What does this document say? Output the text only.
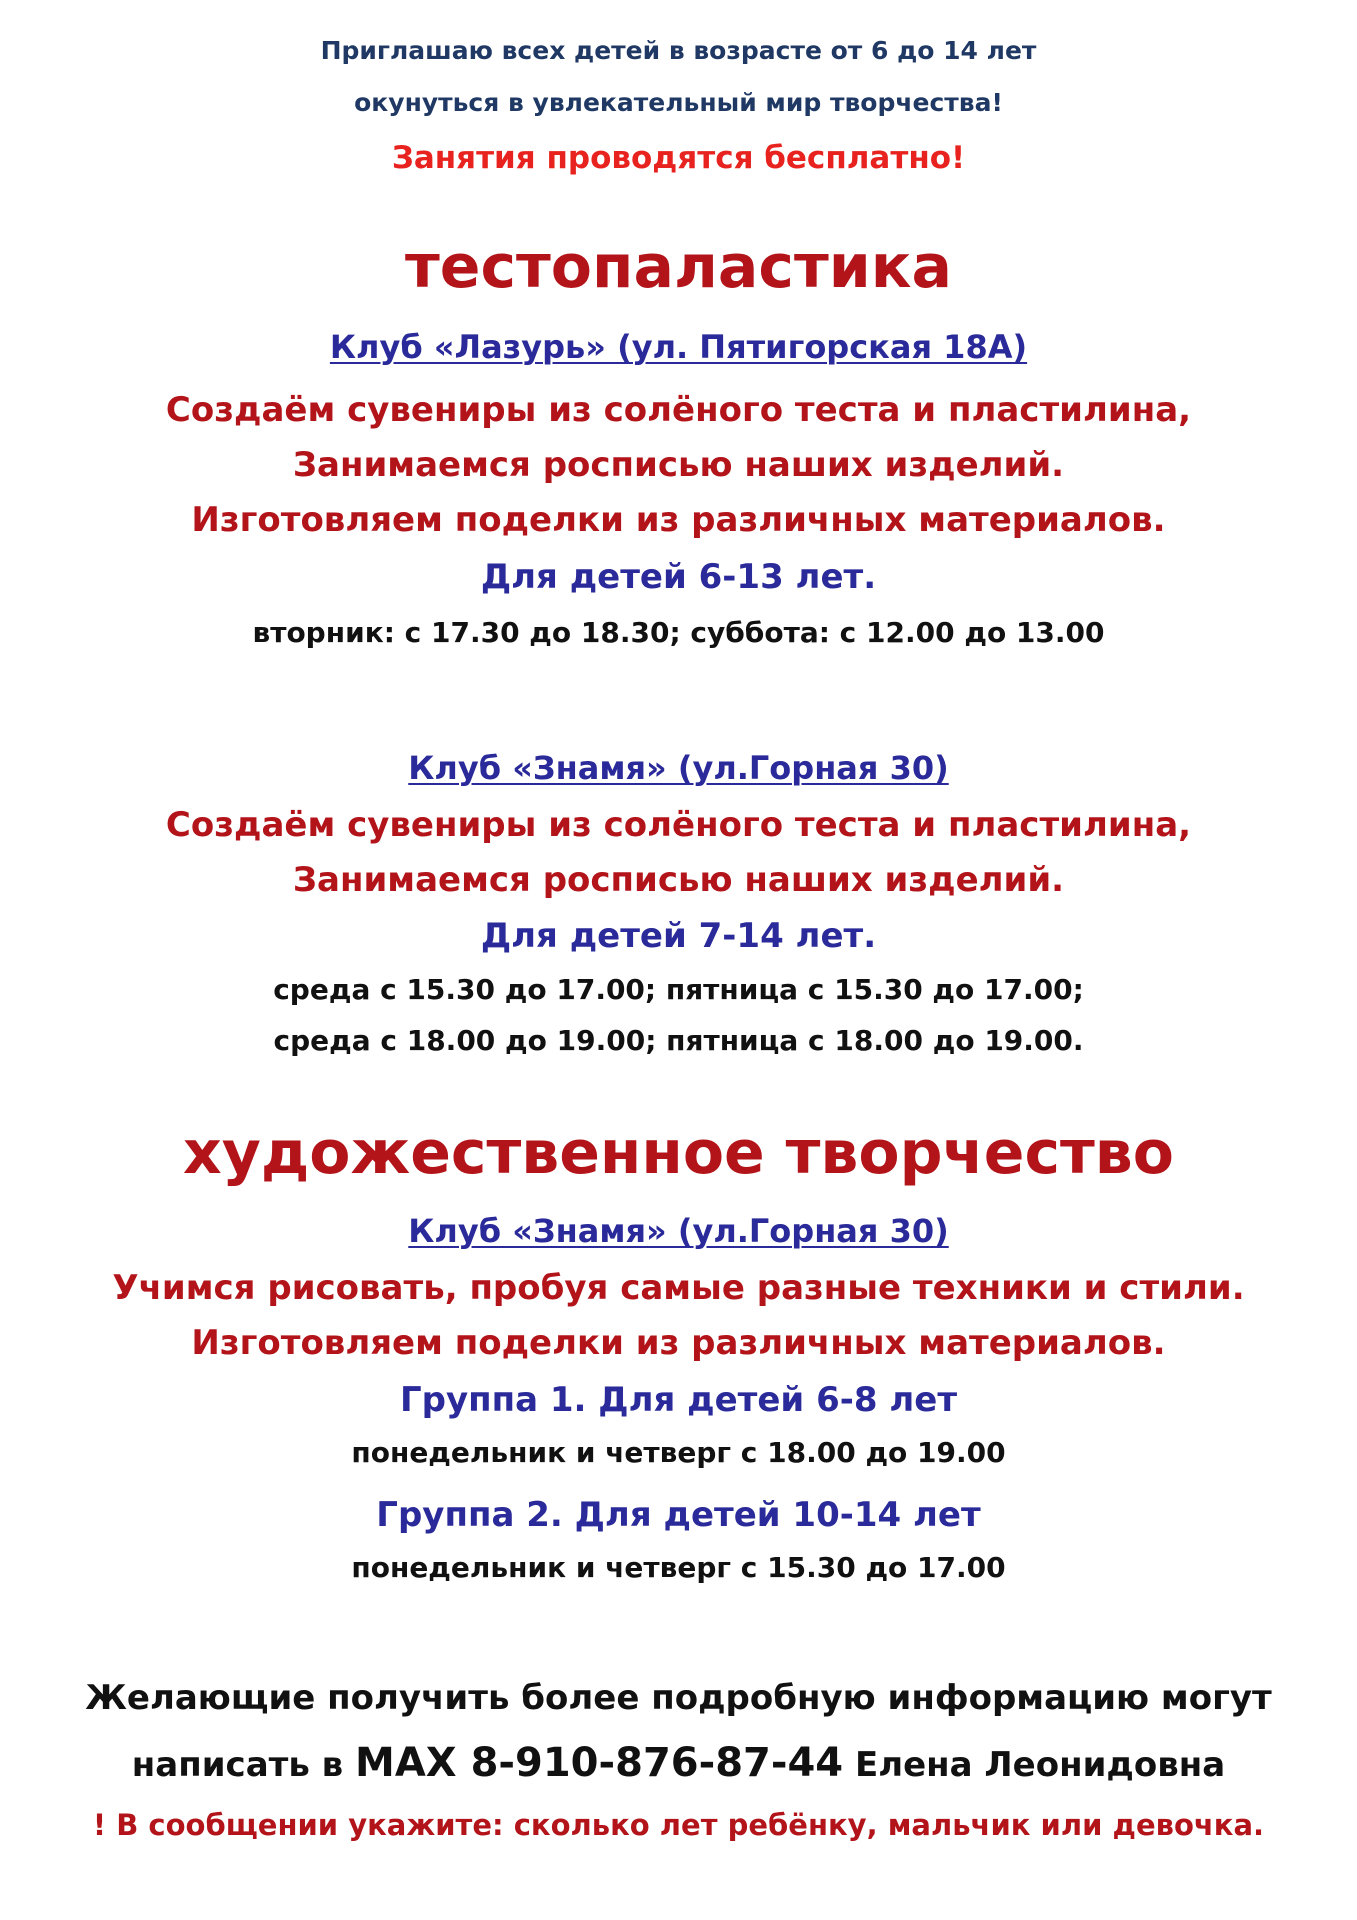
Приглашаю всех детей в возрасте от 6 до 14 лет
окунуться в увлекательный мир творчества!
Занятия проводятся бесплатно!
тестопаластика
Клуб «Лазурь» (ул. Пятигорская 18А)
Создаём сувениры из солёного теста и пластилина,
Занимаемся росписью наших изделий.
Изготовляем поделки из различных материалов.
Для детей 6-13 лет.
вторник: с 17.30 до 18.30; суббота: с 12.00 до 13.00
Клуб «Знамя» (ул.Горная 30)
Создаём сувениры из солёного теста и пластилина,
Занимаемся росписью наших изделий.
Для детей 7-14 лет.
среда с 15.30 до 17.00; пятница с 15.30 до 17.00;
среда с 18.00 до 19.00; пятница с 18.00 до 19.00.
художественное творчество
Клуб «Знамя» (ул.Горная 30)
Учимся рисовать, пробуя самые разные техники и стили.
Изготовляем поделки из различных материалов.
Группа 1. Для детей 6-8 лет
понедельник и четверг с 18.00 до 19.00
Группа 2. Для детей 10-14 лет
понедельник и четверг с 15.30 до 17.00
Желающие получить более подробную информацию могут
написать в MAX 8-910-876-87-44 Елена Леонидовна
! В сообщении укажите: сколько лет ребёнку, мальчик или девочка.
